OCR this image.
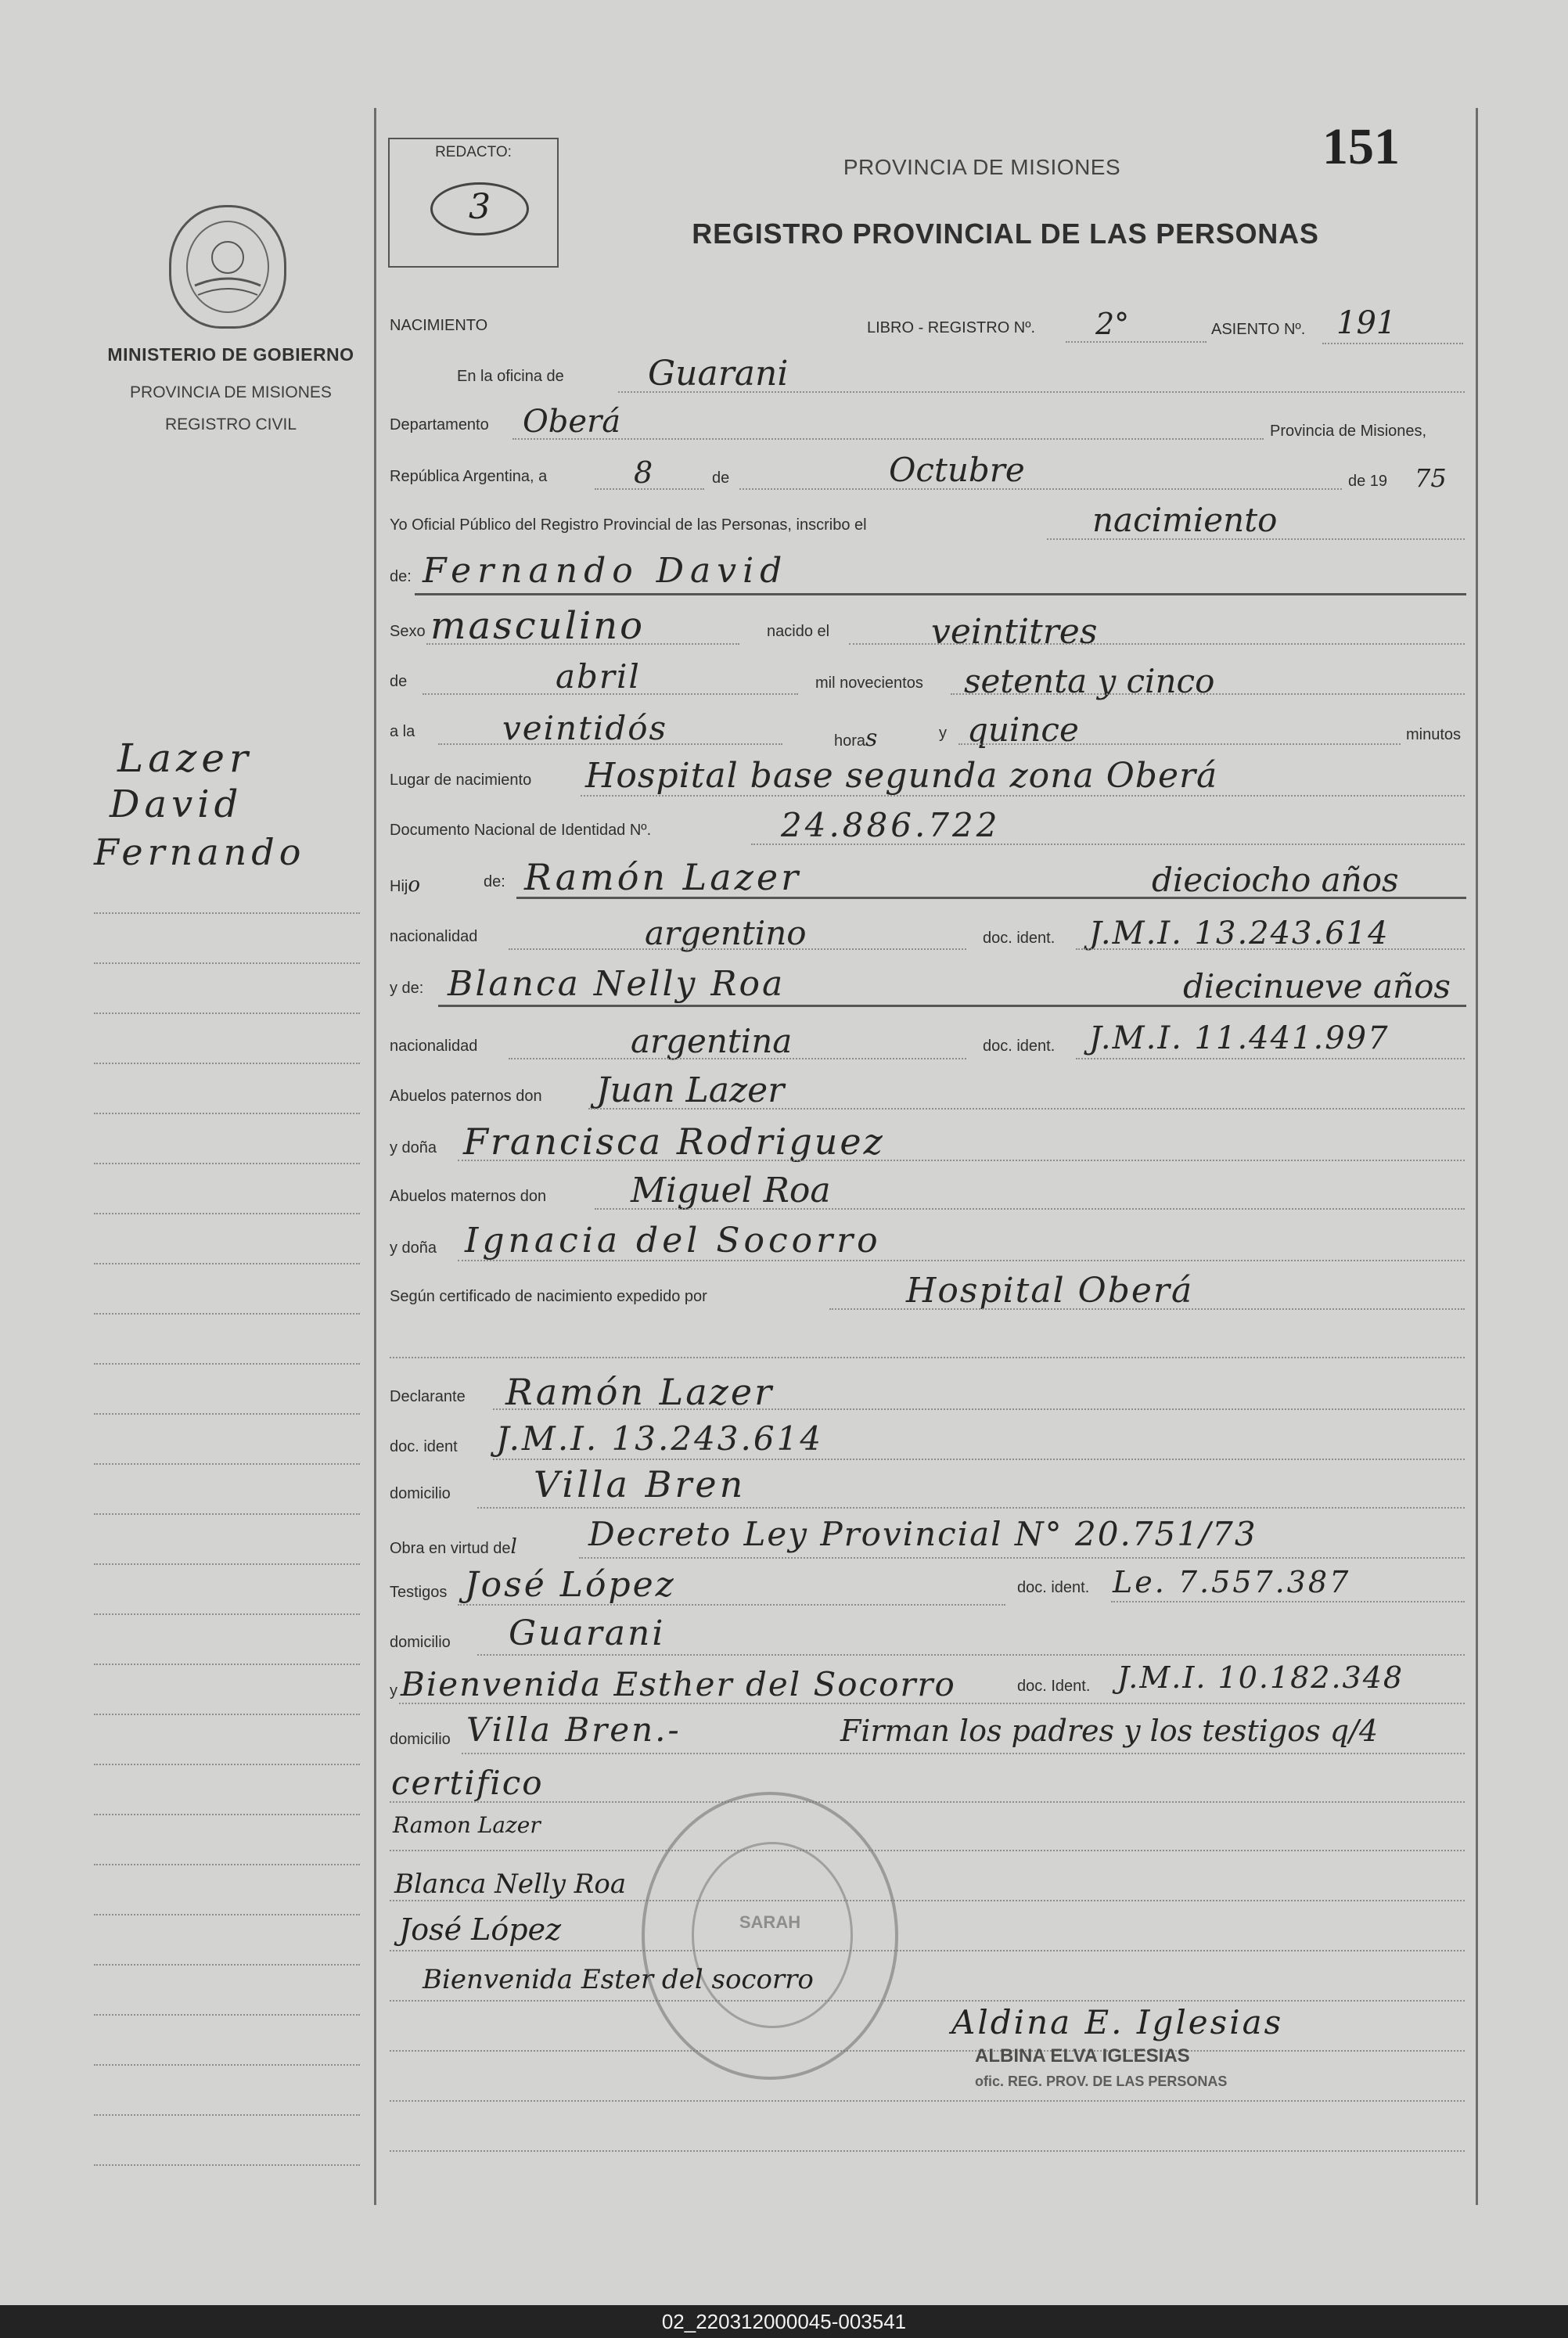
MINISTERIO DE GOBIERNO
PROVINCIA DE MISIONES
REGISTRO CIVIL
Lazer
David
Fernando
REDACTO:
3
PROVINCIA DE MISIONES	151
REGISTRO PROVINCIAL DE LAS PERSONAS
NACIMIENTO	LIBRO - REGISTRO Nº. 2°	ASIENTO Nº. 191
En la oficina de Guarani
Departamento Oberá	Provincia de Misiones,
República Argentina, a	8	de	Octubre	de 19 75
Yo Oficial Público del Registro Provincial de las Personas, inscribo el	nacimiento
de: Fernando David
Sexo masculino	nacido el	veintitres
de	abril	mil novecientos setenta y cinco
a la	veintidós	horas	y quince	minutos
Lugar de nacimiento Hospital base segunda zona Oberá
Documento Nacional de Identidad Nº.	24.886.722
Hijo	de: Ramón Lazer	dieciocho años
nacionalidad	argentino	doc. ident. J.M.I. 13.243.614
y de: Blanca Nelly Roa	diecinueve años
nacionalidad	argentina	doc. ident. J.M.I. 11.441.997
Abuelos paternos don Juan Lazer
y doña Francisca Rodriguez
Abuelos maternos don Miguel Roa
y doña Ignacia del Socorro
Según certificado de nacimiento expedido por	Hospital Oberá
Declarante Ramón Lazer
doc. ident J.M.I. 13.243.614
domicilio Villa Bren
Obra en virtud del Decreto Ley Provincial N° 20.751/73
Testigos José López	doc. ident. Le. 7.557.387
domicilio Guarani
y Bienvenida Esther del Socorro	doc. Ident. J.M.I. 10.182.348
domicilio Villa Bren.-	Firman los padres y los testigos q/4
certifico
SARAH
Ramon Lazer
Blanca Nelly Roa
José López
Bienvenida Ester del socorro
Aldina E. Iglesias
ALBINA ELVA IGLESIAS
ofic. REG. PROV. DE LAS PERSONAS
02_220312000045-003541
